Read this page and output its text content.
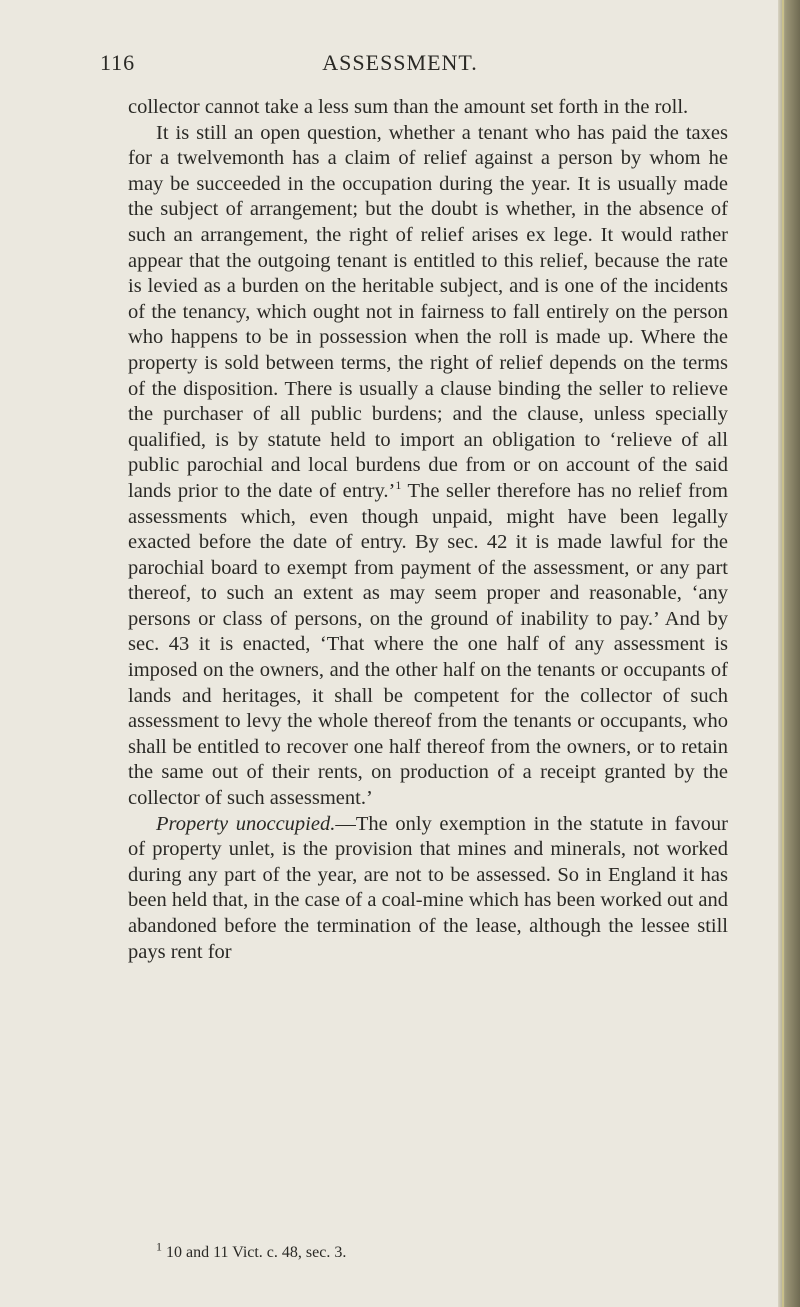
116	ASSESSMENT.

collector cannot take a less sum than the amount set forth in the roll.

It is still an open question, whether a tenant who has paid the taxes for a twelvemonth has a claim of relief against a person by whom he may be succeeded in the occupation during the year. It is usually made the subject of arrangement; but the doubt is whether, in the absence of such an arrangement, the right of relief arises ex lege. It would rather appear that the outgoing tenant is entitled to this relief, because the rate is levied as a burden on the heritable subject, and is one of the incidents of the tenancy, which ought not in fairness to fall entirely on the person who happens to be in possession when the roll is made up. Where the property is sold between terms, the right of relief depends on the terms of the disposition. There is usually a clause binding the seller to relieve the purchaser of all public burdens; and the clause, unless specially qualified, is by statute held to import an obligation to ‘relieve of all public parochial and local burdens due from or on account of the said lands prior to the date of entry.’$^1$ The seller therefore has no relief from assessments which, even though unpaid, might have been legally exacted before the date of entry. By sec. 42 it is made lawful for the parochial board to exempt from payment of the assessment, or any part thereof, to such an extent as may seem proper and reasonable, ‘any persons or class of persons, on the ground of inability to pay.’ And by sec. 43 it is enacted, ‘That where the one half of any assessment is imposed on the owners, and the other half on the tenants or occupants of lands and heritages, it shall be competent for the collector of such assessment to levy the whole thereof from the tenants or occupants, who shall be entitled to recover one half thereof from the owners, or to retain the same out of their rents, on production of a receipt granted by the collector of such assessment.’

Property unoccupied.—The only exemption in the statute in favour of property unlet, is the provision that mines and minerals, not worked during any part of the year, are not to be assessed. So in England it has been held that, in the case of a coal-mine which has been worked out and abandoned before the termination of the lease, although the lessee still pays rent for

$^1$ 10 and 11 Vict. c. 48, sec. 3.
